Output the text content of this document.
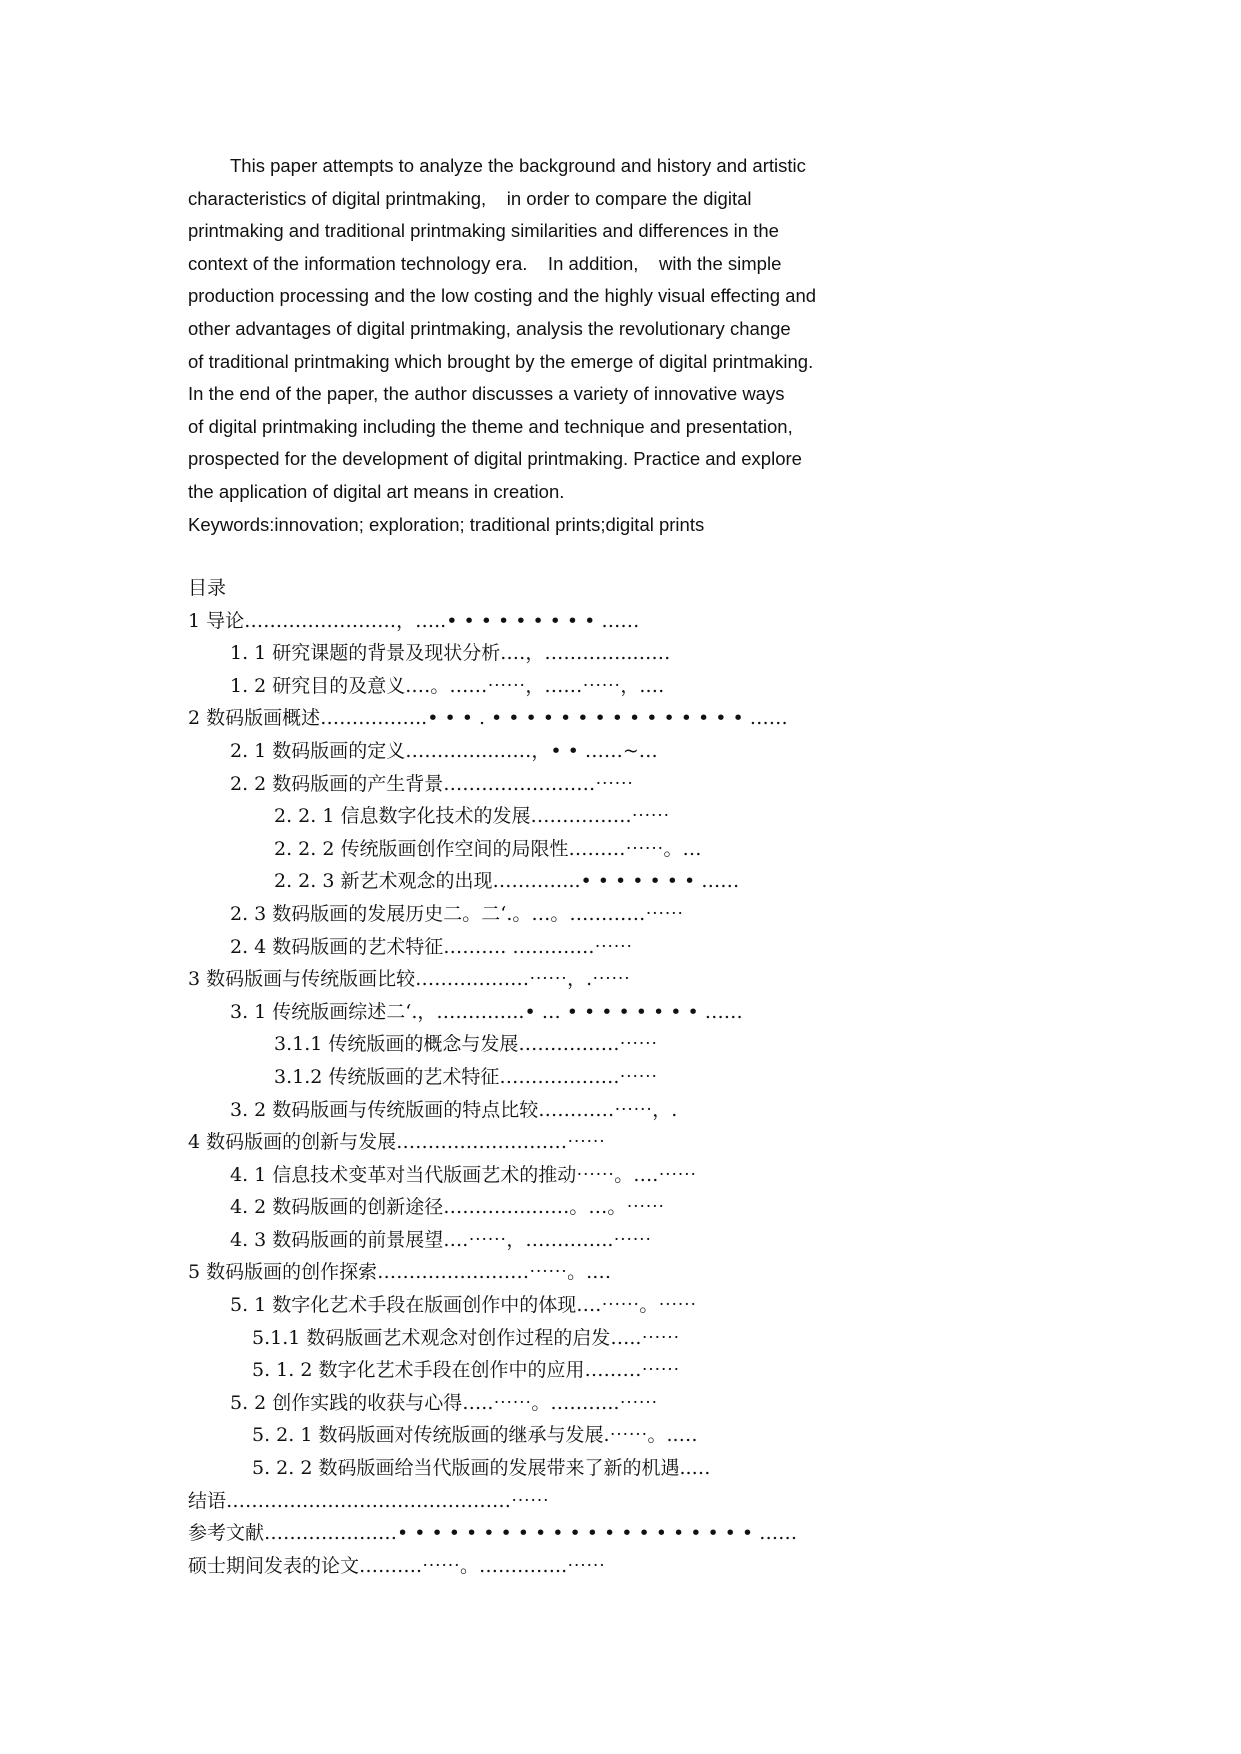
This paper attempts to analyze the background and history and artistic
characteristics of digital printmaking,    in order to compare the digital
printmaking and traditional printmaking similarities and differences in the
context of the information technology era.    In addition,    with the simple
production processing and the low costing and the highly visual effecting and
other advantages of digital printmaking, analysis the revolutionary change
of traditional printmaking which brought by the emerge of digital printmaking.
In the end of the paper, the author discusses a variety of innovative ways
of digital printmaking including the theme and technique and presentation,
prospected for the development of digital printmaking. Practice and explore
the application of digital art means in creation.
Keywords:innovation; exploration; traditional prints;digital prints
目录
1 导论……………………，…..• • • • • • • • • ……
1. 1 研究课题的背景及现状分析.…，…………..……
1. 2 研究目的及意义.…。……⋯⋯，……⋯⋯，.…
2 数码版画概述……………..• • • . • • • • • • • • • • • • • • • ……
2. 1 数码版画的定义…………..……，• • ……~…
2. 2 数码版画的产生背景……………………⋯⋯
2. 2. 1 信息数字化技术的发展…………….⋯⋯
2. 2. 2 传统版画创作空间的局限性………⋯⋯。…
2. 2. 3 新艺术观念的出现…………..• • • • • • • ……
2. 3 数码版画的发展历史二。二‘.。…。…………⋯⋯
2. 4 数码版画的艺术特征………. ………….⋯⋯
3 数码版画与传统版画比较………………⋯⋯，.⋯⋯
3. 1 传统版画综述二‘.，…………..• … • • • • • • • • ……
3.1.1 传统版画的概念与发展…………….⋯⋯
3.1.2 传统版画的艺术特征……………….⋯⋯
3. 2 数码版画与传统版画的特点比较…………⋯⋯，.
4 数码版画的创新与发展………………………⋯⋯
4. 1 信息技术变革对当代版画艺术的推动⋯⋯。….⋯⋯
4. 2 数码版画的创新途径…………..……。…。⋯⋯
4. 3 数码版画的前景展望….⋯⋯，…………..⋯⋯
5 数码版画的创作探索……………………⋯⋯。.…
5. 1 数字化艺术手段在版画创作中的体现….⋯⋯。⋯⋯
5.1.1 数码版画艺术观念对创作过程的启发…..⋯⋯
5. 1. 2 数字化艺术手段在创作中的应用………⋯⋯
5. 2 创作实践的收获与心得…..⋯⋯。………..⋯⋯
5. 2. 1 数码版画对传统版画的继承与发展.⋯⋯。..…
5. 2. 2 数码版画给当代版画的发展带来了新的机遇..…
结语………………………………………⋯⋯
参考文献…………………• • • • • • • • • • • • • • • • • • • • • ……
硕士期间发表的论文……….⋯⋯。…………..⋯⋯
